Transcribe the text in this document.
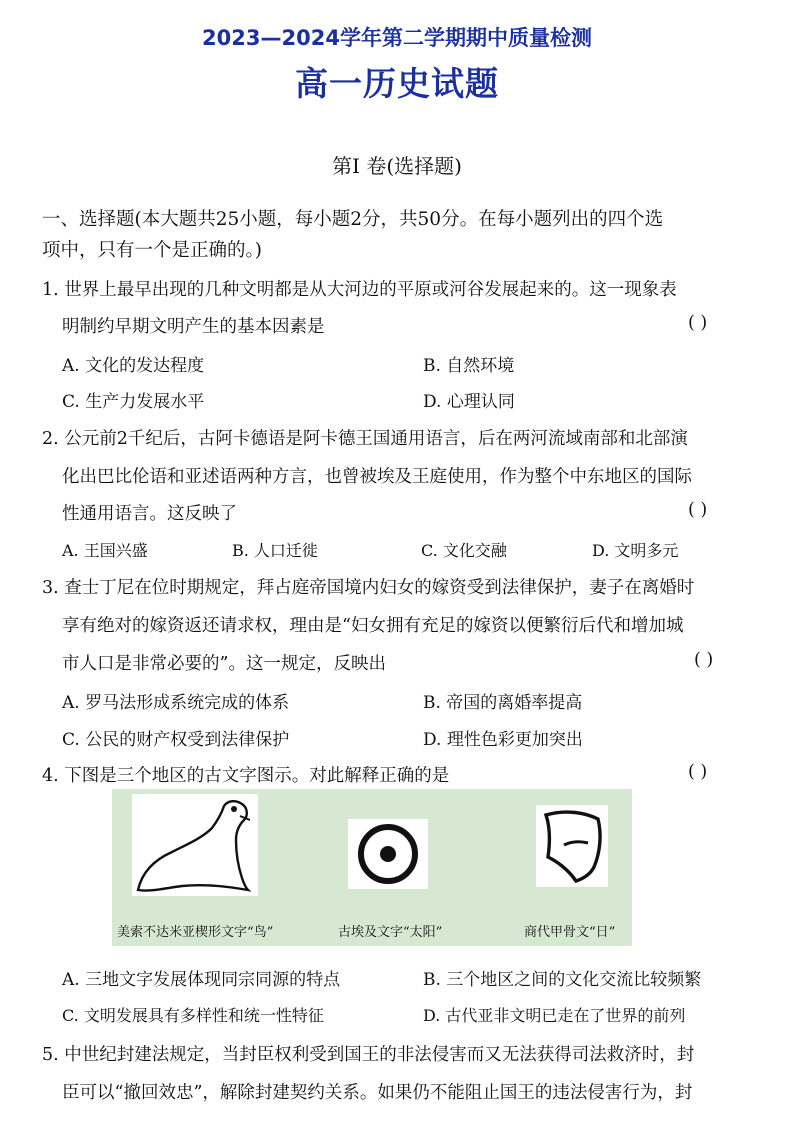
2023—2024学年第二学期期中质量检测
高一历史试题
第Ⅰ 卷(选择题)
一、选择题(本大题共25小题，每小题2分，共50分。在每小题列出的四个选
项中，只有一个是正确的。)
1. 世界上最早出现的几种文明都是从大河边的平原或河谷发展起来的。这一现象表
明制约早期文明产生的基本因素是	( )
A. 文化的发达程度	B. 自然环境
C. 生产力发展水平	D. 心理认同
2. 公元前2千纪后，古阿卡德语是阿卡德王国通用语言，后在两河流域南部和北部演
化出巴比伦语和亚述语两种方言，也曾被埃及王庭使用，作为整个中东地区的国际
性通用语言。这反映了	( )
A. 王国兴盛	B. 人口迁徙	C. 文化交融	D. 文明多元
3. 查士丁尼在位时期规定，拜占庭帝国境内妇女的嫁资受到法律保护，妻子在离婚时
享有绝对的嫁资返还请求权，理由是“妇女拥有充足的嫁资以便繁衍后代和增加城
市人口是非常必要的”。这一规定，反映出	( )
A. 罗马法形成系统完成的体系	B. 帝国的离婚率提高
C. 公民的财产权受到法律保护	D. 理性色彩更加突出
4. 下图是三个地区的古文字图示。对此解释正确的是	( )
美索不达米亚楔形文字“鸟”	古埃及文字“太阳”	商代甲骨文“日”
A. 三地文字发展体现同宗同源的特点	B. 三个地区之间的文化交流比较频繁
C. 文明发展具有多样性和统一性特征	D. 古代亚非文明已走在了世界的前列
5. 中世纪封建法规定，当封臣权利受到国王的非法侵害而又无法获得司法救济时，封
臣可以“撤回效忠”，解除封建契约关系。如果仍不能阻止国王的违法侵害行为，封
